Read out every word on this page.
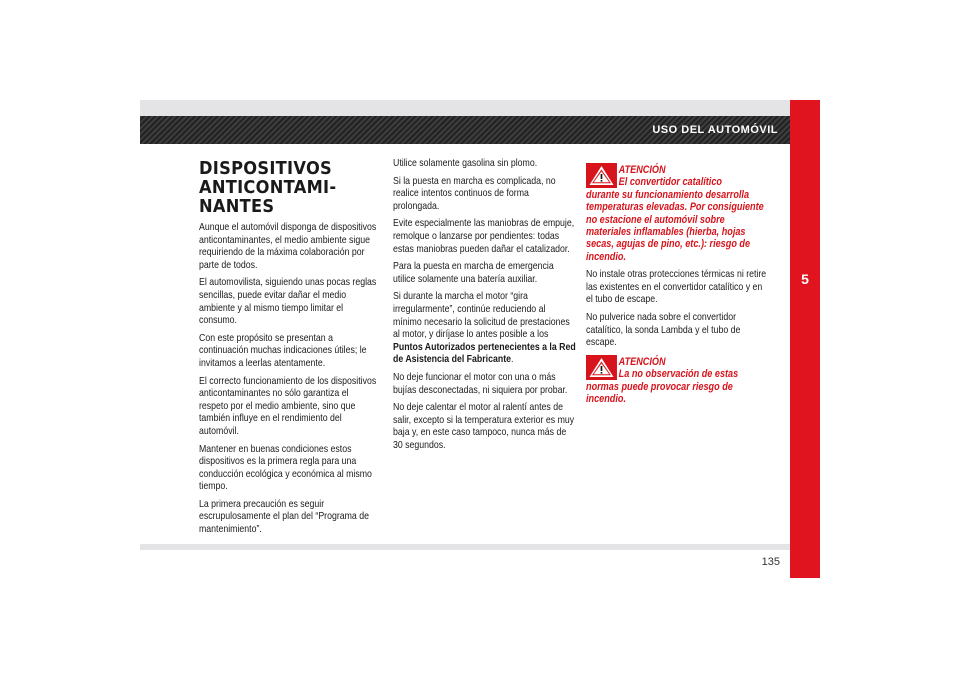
USO DEL AUTOMÓVIL
5

DISPOSITIVOS
ANTICONTAMI-
NANTES

Aunque el automóvil disponga de dispositivos anticontaminantes, el medio ambiente sigue requiriendo de la máxima colaboración por parte de todos.

El automovilista, siguiendo unas pocas reglas sencillas, puede evitar dañar el medio ambiente y al mismo tiempo limitar el consumo.

Con este propósito se presentan a continuación muchas indicaciones útiles; le invitamos a leerlas atentamente.

El correcto funcionamiento de los dispositivos anticontaminantes no sólo garantiza el respeto por el medio ambiente, sino que también influye en el rendimiento del automóvil.

Mantener en buenas condiciones estos dispositivos es la primera regla para una conducción ecológica y económica al mismo tiempo.

La primera precaución es seguir escrupulosamente el plan del “Programa de mantenimiento”.

Utilice solamente gasolina sin plomo.

Si la puesta en marcha es complicada, no realice intentos continuos de forma prolongada.

Evite especialmente las maniobras de empuje, remolque o lanzarse por pendientes: todas estas maniobras pueden dañar el catalizador.

Para la puesta en marcha de emergencia utilice solamente una batería auxiliar.

Si durante la marcha el motor “gira irregularmente”, continúe reduciendo al mínimo necesario la solicitud de prestaciones al motor, y diríjase lo antes posible a los Puntos Autorizados pertenecientes a la Red de Asistencia del Fabricante.

No deje funcionar el motor con una o más bujías desconectadas, ni siquiera por probar.

No deje calentar el motor al ralentí antes de salir, excepto si la temperatura exterior es muy baja y, en este caso tampoco, nunca más de 30 segundos.

ATENCIÓN
El convertidor catalítico
durante su funcionamiento desarrolla temperaturas elevadas. Por consiguiente no estacione el automóvil sobre materiales inflamables (hierba, hojas secas, agujas de pino, etc.): riesgo de incendio.

No instale otras protecciones térmicas ni retire las existentes en el convertidor catalítico y en el tubo de escape.

No pulverice nada sobre el convertidor catalítico, la sonda Lambda y el tubo de escape.

ATENCIÓN
La no observación de estas
normas puede provocar riesgo de incendio.

135
